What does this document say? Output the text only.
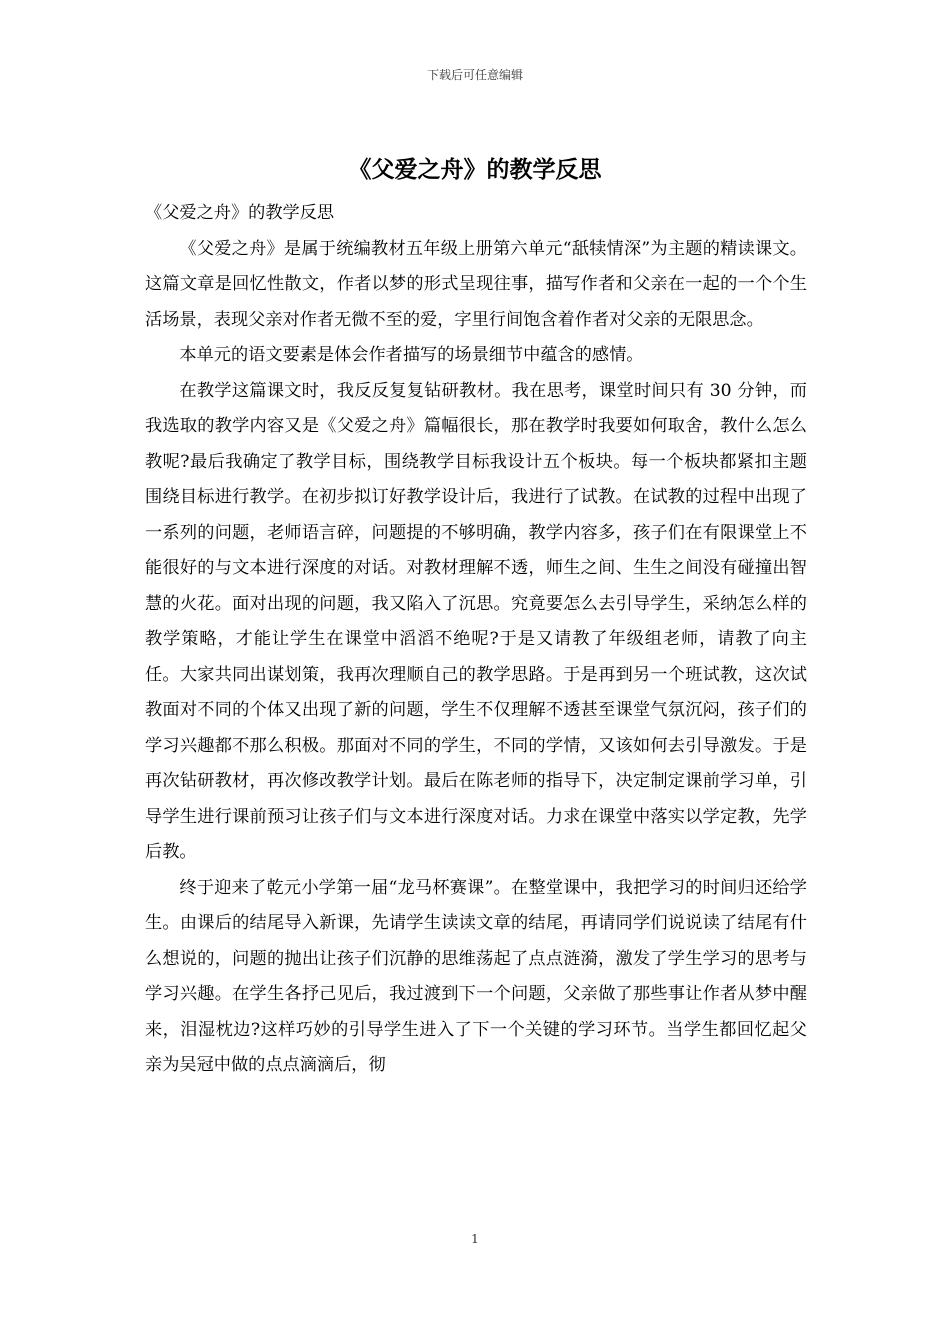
下载后可任意编辑
《父爱之舟》的教学反思

《父爱之舟》的教学反思

《父爱之舟》是属于统编教材五年级上册第六单元“舐犊情深”为主题的精读课文。这篇文章是回忆性散文，作者以梦的形式呈现往事，描写作者和父亲在一起的一个个生活场景，表现父亲对作者无微不至的爱，字里行间饱含着作者对父亲的无限思念。

本单元的语文要素是体会作者描写的场景细节中蕴含的感情。

在教学这篇课文时，我反反复复钻研教材。我在思考，课堂时间只有 30 分钟，而我选取的教学内容又是《父爱之舟》篇幅很长，那在教学时我要如何取舍，教什么怎么教呢?最后我确定了教学目标，围绕教学目标我设计五个板块。每一个板块都紧扣主题围绕目标进行教学。在初步拟订好教学设计后，我进行了试教。在试教的过程中出现了一系列的问题，老师语言碎，问题提的不够明确，教学内容多，孩子们在有限课堂上不能很好的与文本进行深度的对话。对教材理解不透，师生之间、生生之间没有碰撞出智慧的火花。面对出现的问题，我又陷入了沉思。究竟要怎么去引导学生，采纳怎么样的教学策略，才能让学生在课堂中滔滔不绝呢?于是又请教了年级组老师，请教了向主任。大家共同出谋划策，我再次理顺自己的教学思路。于是再到另一个班试教，这次试教面对不同的个体又出现了新的问题，学生不仅理解不透甚至课堂气氛沉闷，孩子们的学习兴趣都不那么积极。那面对不同的学生，不同的学情，又该如何去引导激发。于是再次钻研教材，再次修改教学计划。最后在陈老师的指导下，决定制定课前学习单，引导学生进行课前预习让孩子们与文本进行深度对话。力求在课堂中落实以学定教，先学后教。

终于迎来了乾元小学第一届“龙马杯赛课”。在整堂课中，我把学习的时间归还给学生。由课后的结尾导入新课，先请学生读读文章的结尾，再请同学们说说读了结尾有什么想说的，问题的抛出让孩子们沉静的思维荡起了点点涟漪，激发了学生学习的思考与学习兴趣。在学生各抒己见后，我过渡到下一个问题，父亲做了那些事让作者从梦中醒来，泪湿枕边?这样巧妙的引导学生进入了下一个关键的学习环节。当学生都回忆起父亲为吴冠中做的点点滴滴后，彻

1
